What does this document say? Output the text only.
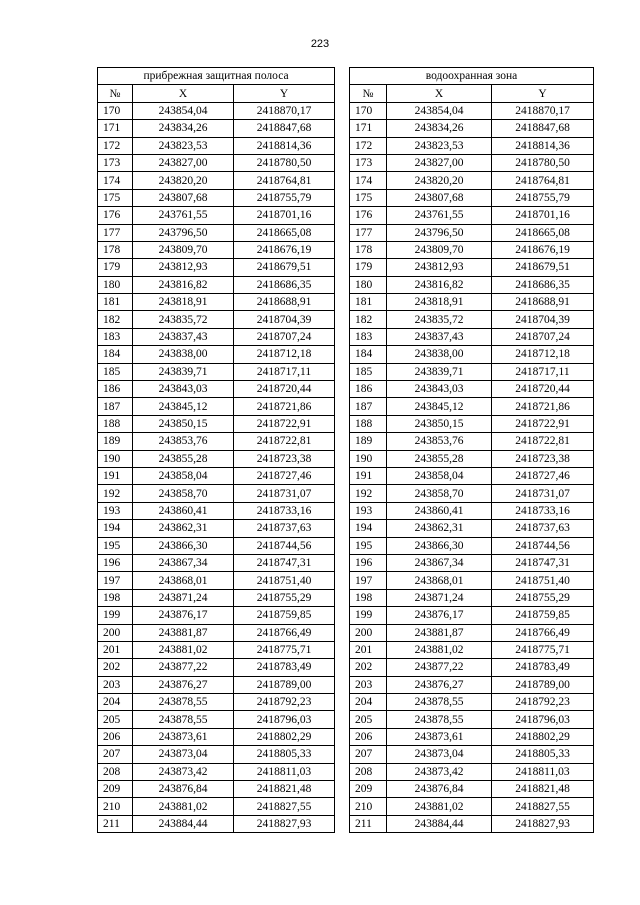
223
прибрежная защитная полоса		
№	X	Y
170	243854,04	2418870,17
171	243834,26	2418847,68
172	243823,53	2418814,36
173	243827,00	2418780,50
174	243820,20	2418764,81
175	243807,68	2418755,79
176	243761,55	2418701,16
177	243796,50	2418665,08
178	243809,70	2418676,19
179	243812,93	2418679,51
180	243816,82	2418686,35
181	243818,91	2418688,91
182	243835,72	2418704,39
183	243837,43	2418707,24
184	243838,00	2418712,18
185	243839,71	2418717,11
186	243843,03	2418720,44
187	243845,12	2418721,86
188	243850,15	2418722,91
189	243853,76	2418722,81
190	243855,28	2418723,38
191	243858,04	2418727,46
192	243858,70	2418731,07
193	243860,41	2418733,16
194	243862,31	2418737,63
195	243866,30	2418744,56
196	243867,34	2418747,31
197	243868,01	2418751,40
198	243871,24	2418755,29
199	243876,17	2418759,85
200	243881,87	2418766,49
201	243881,02	2418775,71
202	243877,22	2418783,49
203	243876,27	2418789,00
204	243878,55	2418792,23
205	243878,55	2418796,03
206	243873,61	2418802,29
207	243873,04	2418805,33
208	243873,42	2418811,03
209	243876,84	2418821,48
210	243881,02	2418827,55
211	243884,44	2418827,93
водоохранная зона		
№	X	Y
170	243854,04	2418870,17
171	243834,26	2418847,68
172	243823,53	2418814,36
173	243827,00	2418780,50
174	243820,20	2418764,81
175	243807,68	2418755,79
176	243761,55	2418701,16
177	243796,50	2418665,08
178	243809,70	2418676,19
179	243812,93	2418679,51
180	243816,82	2418686,35
181	243818,91	2418688,91
182	243835,72	2418704,39
183	243837,43	2418707,24
184	243838,00	2418712,18
185	243839,71	2418717,11
186	243843,03	2418720,44
187	243845,12	2418721,86
188	243850,15	2418722,91
189	243853,76	2418722,81
190	243855,28	2418723,38
191	243858,04	2418727,46
192	243858,70	2418731,07
193	243860,41	2418733,16
194	243862,31	2418737,63
195	243866,30	2418744,56
196	243867,34	2418747,31
197	243868,01	2418751,40
198	243871,24	2418755,29
199	243876,17	2418759,85
200	243881,87	2418766,49
201	243881,02	2418775,71
202	243877,22	2418783,49
203	243876,27	2418789,00
204	243878,55	2418792,23
205	243878,55	2418796,03
206	243873,61	2418802,29
207	243873,04	2418805,33
208	243873,42	2418811,03
209	243876,84	2418821,48
210	243881,02	2418827,55
211	243884,44	2418827,93
